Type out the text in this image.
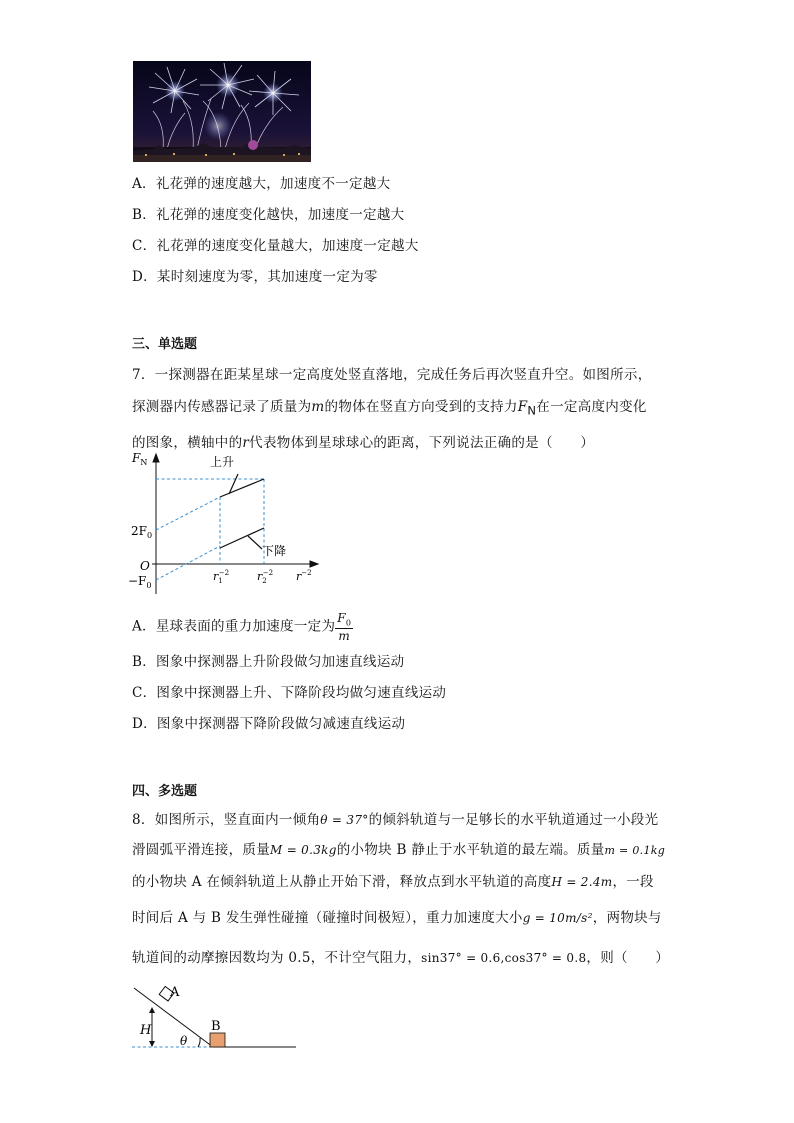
A．礼花弹的速度越大，加速度不一定越大
B．礼花弹的速度变化越快，加速度一定越大
C．礼花弹的速度变化量越大，加速度一定越大
D．某时刻速度为零，其加速度一定为零
三、单选题
7．一探测器在距某星球一定高度处竖直落地，完成任务后再次竖直升空。如图所示，
探测器内传感器记录了质量为m的物体在竖直方向受到的支持力$F_N$在一定高度内变化
的图象，横轴中的r代表物体到星球球心的距离，下列说法正确的是（　　）
$F_N$	上升
下降
$2F_0$
O
$-F_0$
$r_1-2$	$r_2-2$ $r^{-2}$
A．星球表面的重力加速度一定为 $\frac{F_0}{m}$
B．图象中探测器上升阶段做匀加速直线运动
C．图象中探测器上升、下降阶段均做匀速直线运动
D．图象中探测器下降阶段做匀减速直线运动
四、多选题
8．如图所示，竖直面内一倾角θ = 37°的倾斜轨道与一足够长的水平轨道通过一小段光
滑圆弧平滑连接，质量M = 0.3kg的小物块 B 静止于水平轨道的最左端。质量m = 0.1kg
的小物块 A 在倾斜轨道上从静止开始下滑，释放点到水平轨道的高度H = 2.4m，一段
时间后 A 与 B 发生弹性碰撞（碰撞时间极短），重力加速度大小g = 10m/s²，两物块与
轨道间的动摩擦因数均为 0.5，不计空气阻力，sin37° = 0.6,cos37° = 0.8，则（　　）
A
B
H
θ
